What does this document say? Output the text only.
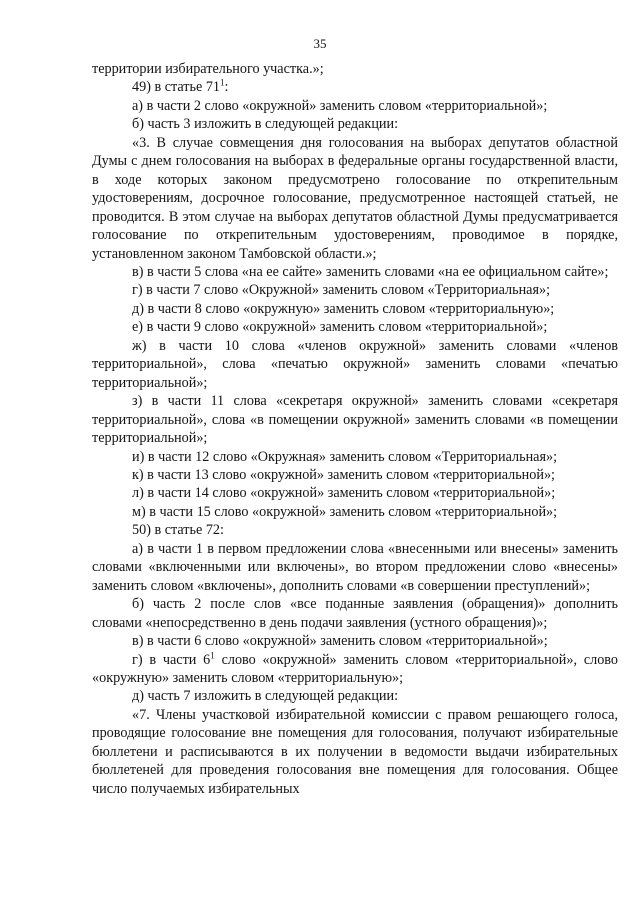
35

территории избирательного участка.»;

49) в статье $71^1$:

а) в части 2 слово «окружной» заменить словом «территориальной»;

б) часть 3 изложить в следующей редакции:

«3. В случае совмещения дня голосования на выборах депутатов областной Думы с днем голосования на выборах в федеральные органы государственной власти, в ходе которых законом предусмотрено голосование по открепительным удостоверениям, досрочное голосование, предусмотренное настоящей статьей, не проводится. В этом случае на выборах депутатов областной Думы предусматривается голосование по открепительным удостоверениям, проводимое в порядке, установленном законом Тамбовской области.»;

в) в части 5 слова «на ее сайте» заменить словами «на ее официальном сайте»;

г) в части 7 слово «Окружной» заменить словом «Территориальная»;

д) в части 8 слово «окружную» заменить словом «территориальную»;

е) в части 9 слово «окружной» заменить словом «территориальной»;

ж) в части 10 слова «членов окружной» заменить словами «членов территориальной», слова «печатью окружной» заменить словами «печатью территориальной»;

з) в части 11 слова «секретаря окружной» заменить словами «секретаря территориальной», слова «в помещении окружной» заменить словами «в помещении территориальной»;

и) в части 12 слово «Окружная» заменить словом «Территориальная»;

к) в части 13 слово «окружной» заменить словом «территориальной»;

л) в части 14 слово «окружной» заменить словом «территориальной»;

м) в части 15 слово «окружной» заменить словом «территориальной»;

50) в статье 72:

а) в части 1 в первом предложении слова «внесенными или внесены» заменить словами «включенными или включены», во втором предложении слово «внесены» заменить словом «включены», дополнить словами «в совершении преступлений»;

б) часть 2 после слов «все поданные заявления (обращения)» дополнить словами «непосредственно в день подачи заявления (устного обращения)»;

в) в части 6 слово «окружной» заменить словом «территориальной»;

г) в части $6^1$ слово «окружной» заменить словом «территориальной», слово «окружную» заменить словом «территориальную»;

д) часть 7 изложить в следующей редакции:

«7. Члены участковой избирательной комиссии с правом решающего голоса, проводящие голосование вне помещения для голосования, получают избирательные бюллетени и расписываются в их получении в ведомости выдачи избирательных бюллетеней для проведения голосования вне помещения для голосования. Общее число получаемых избирательных
